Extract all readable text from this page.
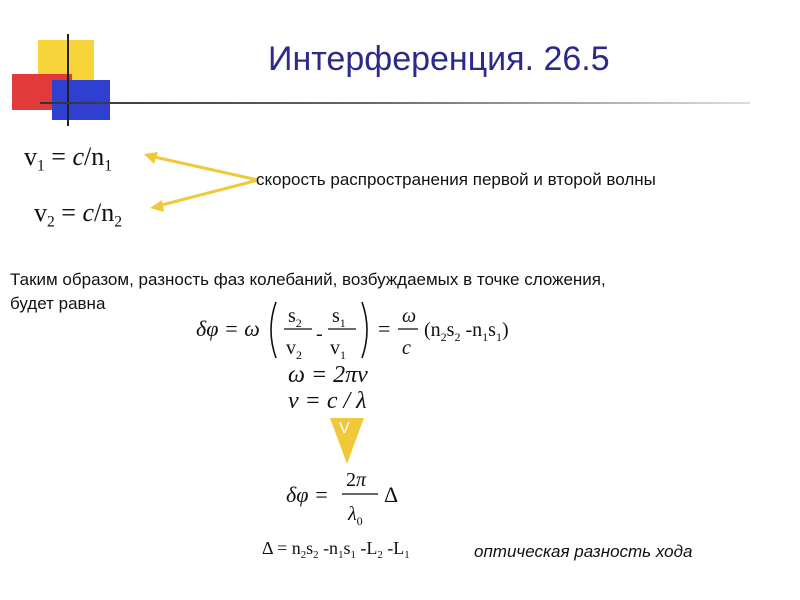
Интерференция. 26.5
$v_1 = c/n_1$
$v_2 = c/n_2$
скорость распространения первой и второй волны
Таким образом, разность фаз колебаний, возбуждаемых в точке сложения,
будет равна
δφ = ω $s_2$
$v_2$
-
$s_1$
$v_1$
= ω
c
($n_2s_2$ $-n_1s_1$)
ω = 2πν
ν = c / λ
V
δφ =
2π
$\lambda_0$
Δ
$\Delta = n_2s_2$ $-n_1s_1$ $-L_2$ $-L_1$	оптическая разность хода
